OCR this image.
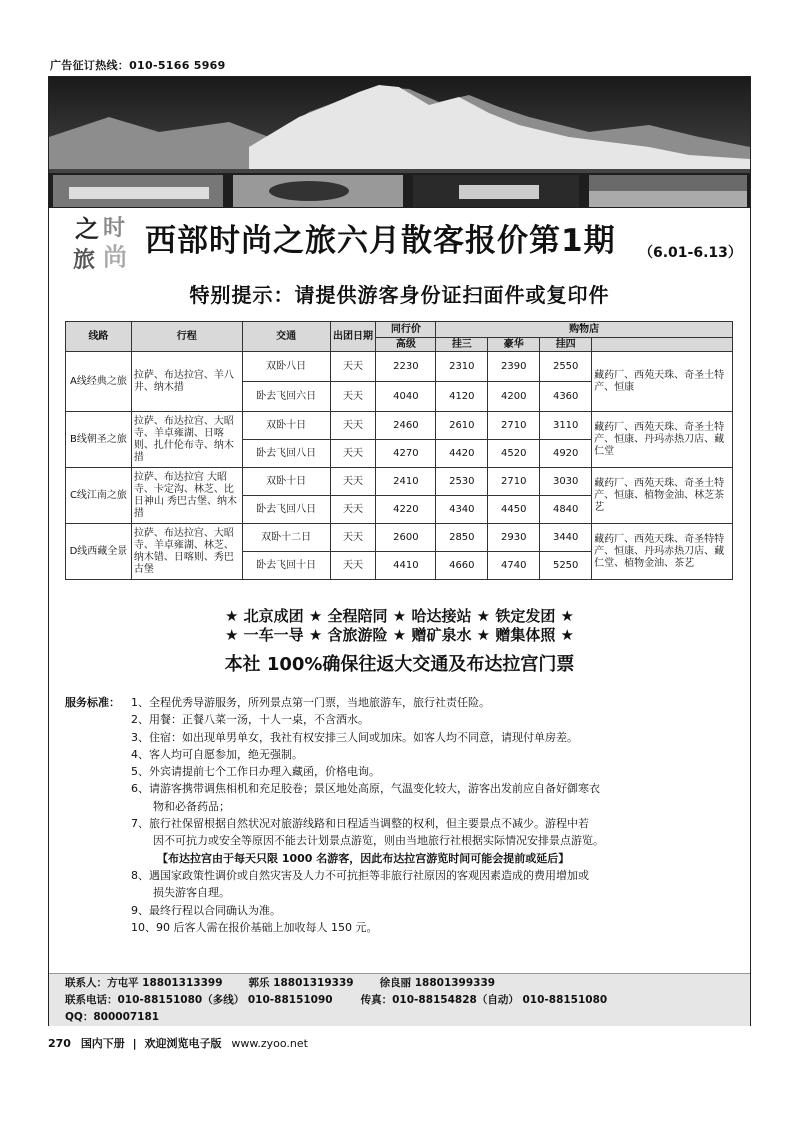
广告征订热线：010-5166 5969
之 时
旅 尚 西部时尚之旅六月散客报价第1期 （6.01-6.13）
特别提示：请提供游客身份证扫面件或复印件
线路	行程	交通	出团日期	同行价	购物店			
				高级	挂三	豪华	挂四	
A线经典之旅	拉萨、布达拉宫、羊八井、纳木措	双卧八日	天天	2230	2310	2390	2550	藏药厂、西苑天珠、奇圣土特产、恒康
		卧去飞回六日	天天	4040	4120	4200	4360	
B线朝圣之旅	拉萨、布达拉宫、大昭寺、羊卓雍湖、日喀则、扎什伦布寺、纳木措	双卧十日	天天	2460	2610	2710	3110	藏药厂、西苑天珠、奇圣土特产、恒康、丹玛赤热刀店、藏仁堂
		卧去飞回八日	天天	4270	4420	4520	4920	
C线江南之旅	拉萨、布达拉宫 大昭寺、卡定沟、林芝、比日神山 秀巴古堡、纳木措	双卧十日	天天	2410	2530	2710	3030	藏药厂、西苑天珠、奇圣土特产、恒康、植物金油、林芝茶艺
		卧去飞回八日	天天	4220	4340	4450	4840	
D线西藏全景	拉萨、布达拉宫、大昭寺、羊卓雍湖、林芝、纳木错、日喀则、秀巴古堡	双卧十二日	天天	2600	2850	2930	3440	藏药厂、西苑天珠、奇圣特特产、恒康、丹玛赤热刀店、藏仁堂、植物金油、茶艺
		卧去飞回十日	天天	4410	4660	4740	5250	
★ 北京成团 ★ 全程陪同 ★ 哈达接站 ★ 铁定发团 ★
★ 一车一导 ★ 含旅游险 ★ 赠矿泉水 ★ 赠集体照 ★
本社 100%确保往返大交通及布达拉宫门票
服务标准： 1、全程优秀导游服务，所列景点第一门票，当地旅游车，旅行社责任险。
2、用餐：正餐八菜一汤，十人一桌，不含酒水。
3、住宿：如出现单男单女，我社有权安排三人间或加床。如客人均不同意，请现付单房差。
4、客人均可自愿参加，绝无强制。
5、外宾请提前七个工作日办理入藏函，价格电询。
6、请游客携带调焦相机和充足胶卷；景区地处高原，气温变化较大，游客出发前应自备好御寒衣
物和必备药品；
7、旅行社保留根据自然状况对旅游线路和日程适当调整的权利，但主要景点不减少。游程中若
因不可抗力或安全等原因不能去计划景点游览，则由当地旅行社根据实际情况安排景点游览。
【布达拉宫由于每天只限 1000 名游客，因此布达拉宫游览时间可能会提前或延后】
8、遇国家政策性调价或自然灾害及人力不可抗拒等非旅行社原因的客观因素造成的费用增加或
损失游客自理。
9、最终行程以合同确认为准。
10、90 后客人需在报价基础上加收每人 150 元。
联系人：方屯平 18801313399 郭乐 18801319339 徐良丽 18801399339
联系电话：010-88151080（多线） 010-88151090	传真：010-88154828（自动） 010-88151080
QQ：800007181
270 国内下册 | 欢迎浏览电子版 www.zyoo.net
